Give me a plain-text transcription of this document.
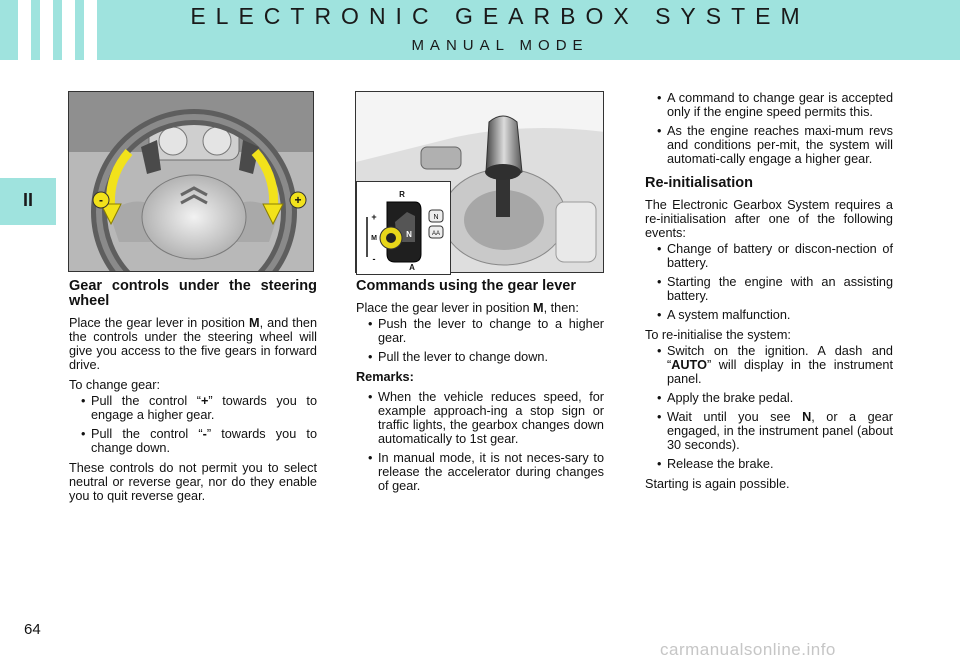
ELECTRONIC GEARBOX SYSTEM
MANUAL MODE
II	-	+	R
N
A
+
-
M
N
AA
Gear controls under the steering wheel

Place the gear lever in position M, and then the controls under the steering wheel will give you access to the five gears in forward drive.

To change gear:

• Pull the control “+” towards you to engage a higher gear.
• Pull the control “-” towards you to change down.

These controls do not permit you to select neutral or reverse gear, nor do they enable you to quit reverse gear.

Commands using the gear lever

Place the gear lever in position M, then:

• Push the lever to change to a higher gear.
• Pull the lever to change down.

Remarks:

• When the vehicle reduces speed, for example approach-ing a stop sign or traffic lights, the gearbox changes down automatically to 1st gear.
• In manual mode, it is not neces-sary to release the accelerator during changes of gear.
• A command to change gear is accepted only if the engine speed permits this.
• As the engine reaches maxi-mum revs and conditions per-mit, the system will automati-cally engage a higher gear.
Re-initialisation

The Electronic Gearbox System requires a re-initialisation after one of the following events:

• Change of battery or discon-nection of battery.
• Starting the engine with an assisting battery.
• A system malfunction.

To re-initialise the system:

• Switch on the ignition. A dash and “AUTO” will display in the instrument panel.
• Apply the brake pedal.
• Wait until you see N, or a gear engaged, in the instrument panel (about 30 seconds).
• Release the brake.

Starting is again possible.

64
carmanualsonline.info
